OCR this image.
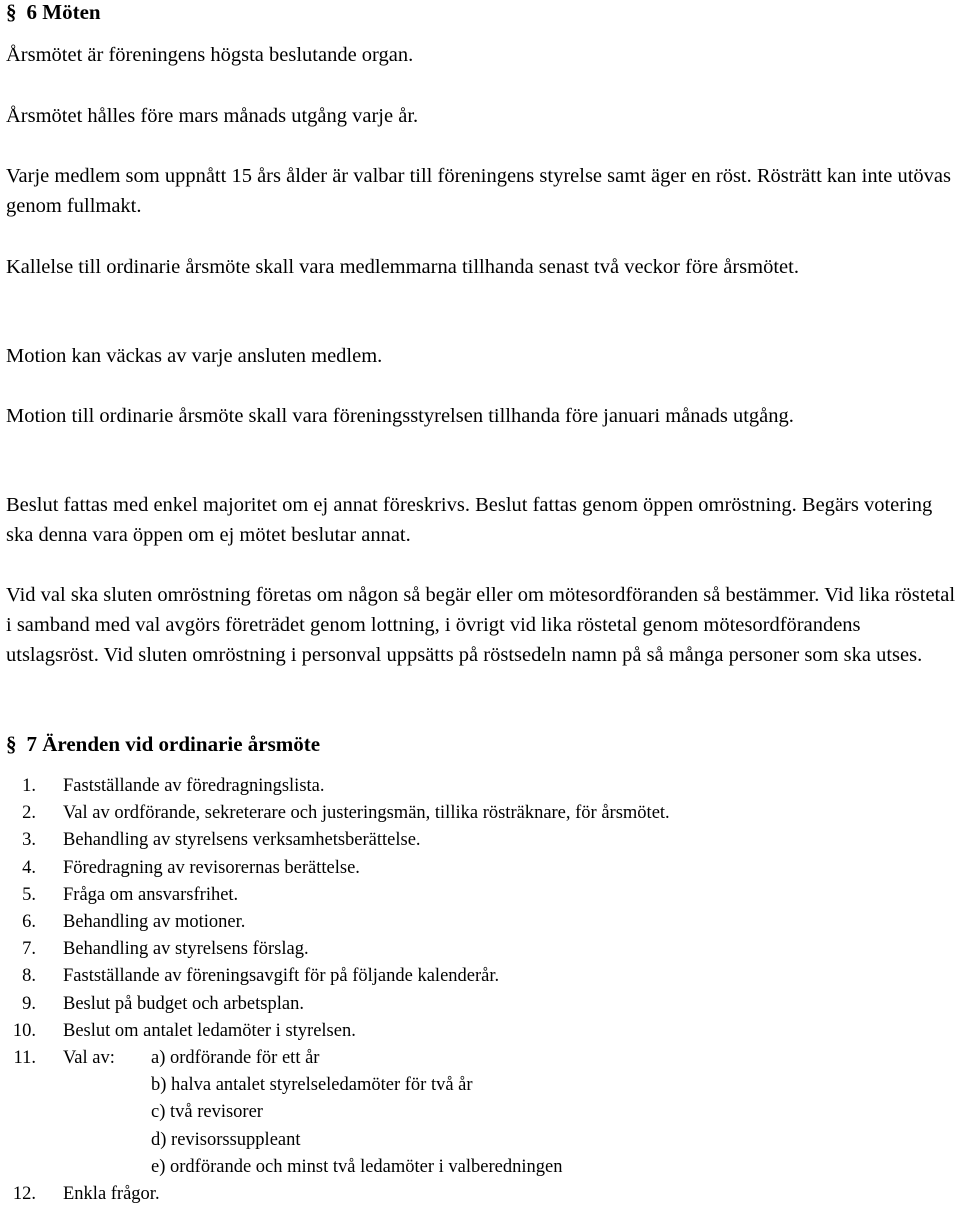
§ 6 Möten

Årsmötet är föreningens högsta beslutande organ.

Årsmötet hålles före mars månads utgång varje år.

Varje medlem som uppnått 15 års ålder är valbar till föreningens styrelse samt äger en röst. Rösträtt kan inte utövas genom fullmakt.

Kallelse till ordinarie årsmöte skall vara medlemmarna tillhanda senast två veckor före årsmötet.

Motion kan väckas av varje ansluten medlem.

Motion till ordinarie årsmöte skall vara föreningsstyrelsen tillhanda före januari månads utgång.

Beslut fattas med enkel majoritet om ej annat föreskrivs. Beslut fattas genom öppen omröstning. Begärs votering ska denna vara öppen om ej mötet beslutar annat.

Vid val ska sluten omröstning företas om någon så begär eller om mötesordföranden så bestämmer. Vid lika röstetal i samband med val avgörs företrädet genom lottning, i övrigt vid lika röstetal genom mötesordförandens utslagsröst. Vid sluten omröstning i personval uppsätts på röstsedeln namn på så många personer som ska utses.

§ 7 Ärenden vid ordinarie årsmöte
1. Fastställande av föredragningslista.
2. Val av ordförande, sekreterare och justeringsmän, tillika rösträknare, för årsmötet.
3. Behandling av styrelsens verksamhetsberättelse.
4. Föredragning av revisorernas berättelse.
5. Fråga om ansvarsfrihet.
6. Behandling av motioner.
7. Behandling av styrelsens förslag.
8. Fastställande av föreningsavgift för på följande kalenderår.
9. Beslut på budget och arbetsplan.
10. Beslut om antalet ledamöter i styrelsen.
11. Val av:	a) ordförande för ett år
	b) halva antalet styrelseledamöter för två år
	c) två revisorer
	d) revisorssuppleant
	e) ordförande och minst två ledamöter i valberedningen
12. Enkla frågor.
